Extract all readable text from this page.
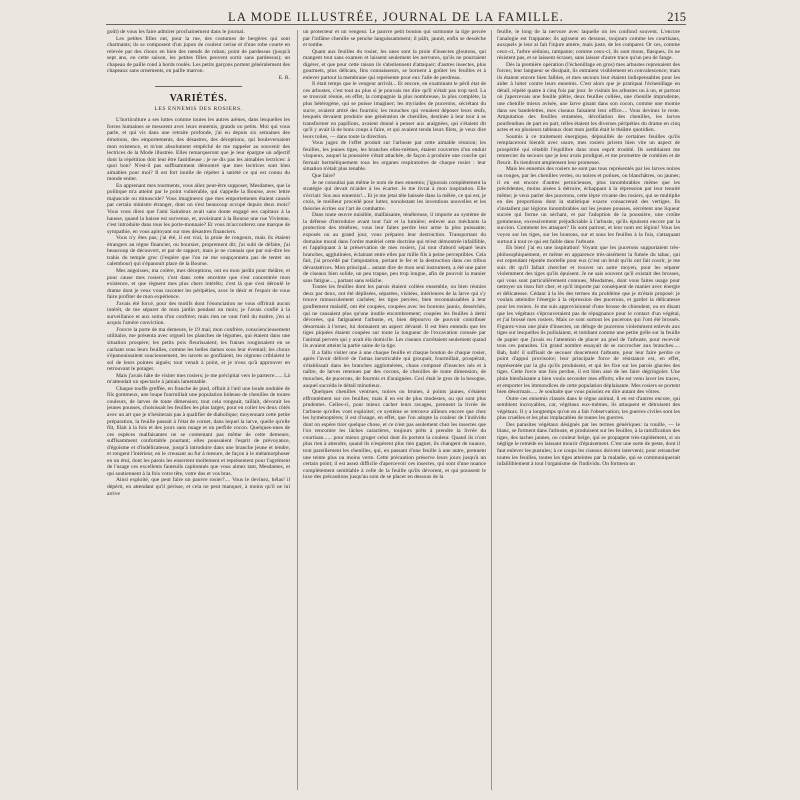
LA MODE ILLUSTRÉE, JOURNAL DE LA FAMILLE.	215

goût) de vous les faire admirer prochainement dans le journal.

Les petites filles ont, pour la rue, des costumes de bergères qui sont charmants; ils se composent d'un jupon de couleur cerise et d'une robe courte en relevée par des choux en bien des nœuds de ruban; point de pardessus (jusqu'à sept ans, en cette saison, les petites filles peuvent sortir sans pardessus); un chapeau de paille rond à bords roulés. Les petits garçons portent généralement des chapeaux sans ornements, en paille marron.

E. R.

VARIÉTÉS.
LES ENNEMIS DES ROSIERS.

L'horticulture a ses luttes comme toutes les autres arènes, dans lesquelles les forces humaines se mesurent avec leurs ennemis, grands ou petits. Moi qui vous parle, et qui vis dans une retraite profonde, j'ai eu depuis six semaines des émotions, des emportements, des désastres, des déceptions, qui bouleversaient mon existence, et m'ont absolument empêché de me rappeler au souvenir des lectrices de la Mode illustrée. Elles remarqueront que je leur épargne un adjectif dont la répétition doit leur être fastidieuse ; je ne dis pas les aimables lectrices: à quoi bon? N'est-il pas suffisamment démontré que mes lectrices sont bien aimables pour moi? Il est fort inutile de répéter à satiété ce qui est connu du monde entier.

En apprenant mes tourments, vous allez peut-être supposer, Mesdames, que la politique m'a atteint par le point vulnérable, qui s'appelle la Bourse, avec lettre majuscule ou minuscule? Vous imaginerez que mes emportements étaient causés par certain ministre étranger, dont on s'est beaucoup occupé depuis deux mois? Vous vous direz que l'ami Saindoux avait sans doute engagé ses capitaux à la hausse, quand la baisse est survenue, et, avoisinant à la Bourse une rue Vivienne, c'est introduite dans tous les porte-monnaie? Et vous m'accorderez une marque de sympathie, en vous apitoyant sur mes désastres financiers.

Vous n'y êtes pas; j'ai été, il est vrai, la proie de rongeurs, mais ils étaient étrangers au règne financier, ou boursier, proprement dit; j'ai subi de défaite, j'ai beaucoup de découvert, et par de rapport, mais je ne connais que par oui-dire les trahis du temple grec (l'espère que l'on ne me soupçonnera pas de tenter un calembour) qui s'épanouit place de la Bourse.

Mes angoisses, ma colère, mes déceptions, ont eu mon jardin pour théâtre, et pour cause mes rosiers; c'est dans cette enceinte que s'est concentrée mon existence, et que règnent mes plus chers intérêts; c'est là que s'est déroulé le drame dont je veux vous raconter les péripéties, avec le désir et l'espoir de vous faire profiter de mon expérience.

J'avais été forcé, pour des motifs dont l'énonciation ne vous offrirait aucun intérêt, de me séparer de mon jardin pendant un mois; je l'avais confié à la surveillance et aux soins d'un confrère; mais rien ne vaut l'œil du maître, j'en ai acquis l'amère conviction.

J'ouvre la porte de ma demeure, le 19 mai; mon confrère, consciencieusement utilitaire, me présenta avec orgueil les planches de légumes, qui étaient dans une situation prospère; les petits pois fleurissaient; les fraises rougissaient en se cachant sous leurs feuilles, comme les belles dames sous leur éventail; les choux s'épanouissaient soucieusement, les navets se gonflaient, les oignons criblaient le sol de leurs pointes aiguës; tout venait à point, et je n'eus qu'à approuver en retrouvant le potager.

Mais j'avais hâte de visiter mes rosiers; je me précipitai vers le parterre...... Là m'attendait un spectacle à jamais lamentable.

Chaque touffe greffée, en franche de pied, offrait à l'œil une loude ondulée de fils gommeux, une loupe fourmillait une population hideuse de chenilles de toutes couleurs, de larves de toute dimension; tout cela rongeait, taillait, dévorait les jeunes pousses, choisissait les feuilles les plus larges, pour en coller les deux côtés avec un art que je n'hésiterais pas à qualifier de diabolique; moyennant cette petite préparation, la feuille passait à l'état de cornet, dans lequel la larve, quelle qu'elle fût, filait à la fois et des jours sans nuage et un perfide cocon. Quelques-unes de ces espèces malfaisantes ne se contentant pas même de cette demeure, suffisamment confortable pourtant; elles poussaient l'esprit de prévoyance, d'égoïsme et d'indélicatesse, jusqu'à introduire dans une branche jeune et tendre, et rongent l'intérieur, en le creusant au fur à mesure, de façon à le métamorphoser en un étui, dont les parois les enserrent mollement et représentent pour l'agrément de l'usage ces excellents fauteuils capitonnés que vous aimez tant, Mesdames, et qui soutiennent à la fois votre tête, votre dos et vos bras.

Ainsi exploité, que peut faire un pauvre rosier?.... Vous le devinez, hélas! il dépérit, en attendant qu'il périsse, et cela ne peut manquer, à moins qu'il ne lui arrive

un protecteur et un vengeur. Le pauvre petit bouton qui surmonte la tige percée par l'infâme chenille se penche languissamment; il pâlit, jaunit, enfin se dessèche et tombe.

Quant aux feuilles du rosier, les unes sont la proie d'insectes gloutons, qui mangent tout sans examen et laissent seulement les nervures, qu'ils ne pourraient digérer, et que pour cette raison ils s'abstiennent d'attaquer; d'autres insectes, plus gourmets, plus délicats, fins connaisseurs, se bornent à goûter les feuilles et à enlever partout la membrane qui représente pour eux l'aile de perdreau.

Il était temps que le vengeur arrivât... Et encore, en examinant le péril état de ces arbustes, c'est tout au plus si je pouvais me dire qu'il n'était pas trop tard. La se trouvait réunie, en effet, la compagnie la plus nombreuse, la plus complète, la plus hétérogène, qui se puisse imaginer; les myriades de pucerons, sécrétant du sucre, avaient attiré des fourmis; les mouches qui venaient déposer leurs œufs, lesquels devaient produire une génération de chenilles, destinée à leur tour à se transformer en papillons, avaient donné à penser aux araignées, qui s'étaient dit qu'il y avait là de bons coups à faire, et qui avaient tendu leurs filets, je veux dire leurs toiles, — dans toute la direction.

Vous jugez de l'effet produit sur l'arbuste par cette aimable réunion; les feuilles, les jeunes tiges, les branches elles-mêmes, étaient couvertes d'un enduit visqueux, auquel la poussière s'était attachée, de façon à produire une couche qui fermait hermétiquement tous les organes respiratoires de chaque rosier : leur situation n'était plus tenable.

Que faire?

Je ne consultai pas même le nom de mes ennemis; j'ignorais complètement la stratégie qui devait m'aider à les écarter. Je me livrai à mon inspiration. Elle s'écriait: Sus aux ennemis!... Et je me jetai tête baissée dans la mêlée, ce qui est, je crois, le meilleur procédé pour lutter, nonobstant les inventions nouvelles et les théories écrites sur l'art de combattre.

Dans toute œuvre nuisible, malfaisante, ténébreuse, il importe au système de la défense d'introduire avant tout l'air et la lumière; enlever aux méchants la protection des ténèbres, vous leur faites perdre leur arme la plus puissante; exposés ou au grand jour, vous préparez leur destruction. Transportant du domaine moral dans l'ordre matériel cette doctrine qui m'est démontrée infaillible, et l'appliquant à la préservation de mes rosiers, j'ai tout d'abord séparé leurs branches, agglutinées, éclairant entre elles par mille fils à peine perceptibles. Cela fait, j'ai procédé par l'amputation, portant le fer et la destruction dans ces tribus dévastatrices. Mon principal... autant dire de mon seul instrument, a été une paire de ciseaux bien solide, un peu trapue, peu trop longue, afin de pouvoir la manier sans fatigue...., partant sans relâche.

Toutes les feuilles dont les parois étaient collées ensemble, ou bien réunies deux par deux, ont été déplisées, séparées, visitées, intérieures de la larve qui s'y trouve minusculement cachées; les tiges percées, bien reconnaissables à leur gonflement maladif, ont été coupées, coupées avec les boutons jaunis, desséchés, qui ne causaient plus qu'une inutile encombrement; coupées les feuilles à demi dévorées, qui fatiguaient l'arbuste, et, bien dépourvu de pouvoir contribuer désormais à l'orner, lui donnaient un aspect dévasté. Il est bien entendu que les tiges piquées étaient coupées sur toute la longueur de l'excavation creusée par l'animal pervers qui y avait élu domicile. Les ciseaux s'arrêtaient seulement quand ils avaient atteint la partie saine de la tige.

Il a fallu visiter une à une chaque feuille et chaque bouton de chaque rosier, après l'avoir délivré de l'amas inextricable qui groupait, fourmillait, prospérait, s'établissait dans les branches agglomérées, chaos composé d'insectes nés et à naître, de larves retenues par des cocons, de chenilles de toute dimension, de mouches, de pucerons, de fourmis et d'araignées. Ceci était le gros de la besogne, auquel succéda le détail minutieux.

Quelques chenilles ventrues, noires ou brunes, à points jaunes, s'étaient effrontément sur ces feuilles; mais il en est de plus modestes, ou qui sont plus prudentes. Celles-ci, pour mieux cacher leurs ravages, prennent la livrée de l'arbuste qu'elles vont exploiter; ce système se retrouve ailleurs encore que chez les hyménoptères; il est d'usage, en effet, que l'on adopte la couleur de l'individu dont on espère tirer quelque chose, et ce n'est pas seulement chez les insectes que l'on rencontre les lâches caractères, toujours prêts à prendre la livrée du courtisan...... pour mieux gruger celui dont ils portent la couleur. Quand ils n'ont plus rien à attendre, quand ils n'espèrent plus rien gagner, ils changent de nuance, tout pareillement les chenilles, qui, en passant d'une feuille à une autre, prennent une teinte plus ou moins verte. Cette précaution préserve leurs jours jusqu'à un certain point; il est assez difficile d'apercevoir ces insectes, qui sont d'une nuance complètement semblable à celle de la feuille qu'ils dévorent, et qui poussent le luxe des précautions jusqu'au soin de se placer en dessous de la

feuille, le long de la nervure avec laquelle on les confond souvent. L'encore l'analogie est frappante; ils agissent en dessous, toujours comme les courtisans, auxquels je leur ai fait l'injure amère, mais juste, de les comparer. Or ces, comme ceux-ci, l'arbre séduisu, rampante; comme ceux-ci, ils sont mous, flasques, ils ne résistent pas, et se laissent écraser, sans laisser d'autre trace qu'un peu de fange.

Dès la première opération (l'échenillage en gros) mes arbustes reprenaient des forces; leur langueur se dissipait, ils entraient visiblement en convalescence; mais ils étaient encore bien faibles, et mes secours leur étaient indispensables pour les aider à lutter contre leurs ennemis. C'est alors que je pratiquai l'échenillage en détail, répété quatre à cinq fois par jour. Je visitais les arbustes un à un, et partout où j'apercevais une feuille plêtie, deux feuilles collées, une chenille imprudente, une chenille mieux avisée, une larve gisant dans son cocon, comme une momie dans ses bandelettes, mes ciseaux faisaient leur office.... Vous devinez le reste. Amputation des feuilles entamées, décollation des chenilles, les larves pourfendues de part en part, telles étaient les diverses péripéties du drame en cinq actes et en plusieurs tableaux dont mon jardin était le théâtre quotidien.

Soumis à ce traitement énergique, dépouillés de certaines feuilles qu'ils remplaceront bientôt avec usure, mes rosiers prirent bien vite un aspect de prospérité qui rétablit l'équilibre dans mon esprit troublé. Ils semblaient me remercier du secours que je leur avais prodigué, et me promettre de combien et de fleurir. Ils tiendront amplement leur promesse.

Mais les ennemis des rosiers ne sont pas tous représentés par les larves noires ou rouges, par les chenilles vertes, ou noires et poilues, ou blanchâtres, ou jaunes; il en est encore d'autres pernicieuses, plus innombrables même que les précédentes, moins aisées à détruire, échappant à la répression par leur tenuité même; je veux parler des pucerons, cette lèpre vivante des rosiers, qui se multiplie en des proportions dont la statistique exacte consacrerait des vertiges. Ils s'installent par légions innombrables sur les jeunes pousses, sécrètent une liqueur sucrée qui forme un séchant, et par l'adoption de la poussière, une croûte gommeuse, excessivement préjudiciable à l'arbuste, qu'ils épuisent encore par la succion. Comment les attaquer? Ils sont partout, et leur nom est légion! Vous les voyez sur les tiges, sur les boutons, sur et sous les feuilles à la fois, s'attaquant surtout à tout ce qui est faible dans l'arbuste.

Eh bien! j'ai eu une inspiration! Voyant que les pucerons supportaient très-philosophiquement, et même en apparence très-aisément la fumée du tabac, qui est cependant réputée mortelle pour eux (c'est un bruit qu'ils ont fait courir, je me suis dit qu'il fallait chercher et trouver un autre moyen, pour les séparer violemment des tiges qu'ils épuisent. Je ne sais souvent qu'il existait des brosses, qui vous sont particulièrement connues, Mesdames, dont vous faites usage pour nettoyer un tissu fort cher, et qu'il importe par conséquent de manier avec énergie et délicatesse. Cédant à la lès des termes du problème que je m'étais proposé: je voulais atteindre l'énergie à la répression des pucerons, et garder la délicatesse pour les rosiers. Je me suis approvisionné d'une brosse de chiendent, ou en disant que les végétaux s'éprouveraient pas de répugnance pour le contact d'un végétal, et j'ai brossé mes rosiers. Mais ce sont surtout les pucerons qui l'ont été brossés. Figurez-vous une plaie d'insectes, un déluge de pucerons violemment enlevés aux tiges sur lesquelles ils pullulaient, et tombant comme une petite grêle sur la feuille de papier que j'avais eu l'attention de placer au pied de l'arbuste, pour recevoir tous ces parasites. Un grand nombre essayait de se raccrocher aux branches..... Bah, bah! il suffisait de secouer doucement l'arbuste, pour leur faire perdre ce point d'appui provisoire; leur principale force de résistance est, en effet, représentée par la glu qu'ils produisent, et qui les fixe sur les parois glacées des tiges. Cette force une fois perdue, il est bien aisé de les faire dégringoler. Une pluie bienfaisante a bien voulu seconder mes efforts; elle est venu laver les traces, et emporter les immondices de cette population déplaisante. Mes rosiers se portent bien désormais..... Je souhaite que vous puissiez en dire autant des vôtres.

Outre ces ennemis classés dans le règne animal, il en est d'autres encore, qui semblent incroyables, car, végétaux eux-mêmes, ils attaquent et détruisent des végétaux. Il y a longtemps qu'on en a fait l'observation; les guerres civiles sont les plus cruelles et les plus implacables de toutes les guerres.

Des parasites végétaux désignés par les termes génériques: la rouille, — le blanc, se forment dans l'arbuste, et produisent sur les feuilles, à la ramification des tiges, des taches jaunes, ou couleur beige, qui se propagent très-rapidement, si on néglige le remède en laissant mourir d'épuisement. C'est une sorte de peste, dont il faut enlever les pustules; à ce coups les ciseaux doivent intervenir, pour retrancher toutes les feuilles, toutes les tiges atteintes par la maladie, qui se communiquerait infailliblement à tout l'organisme de l'individu. On formera un
